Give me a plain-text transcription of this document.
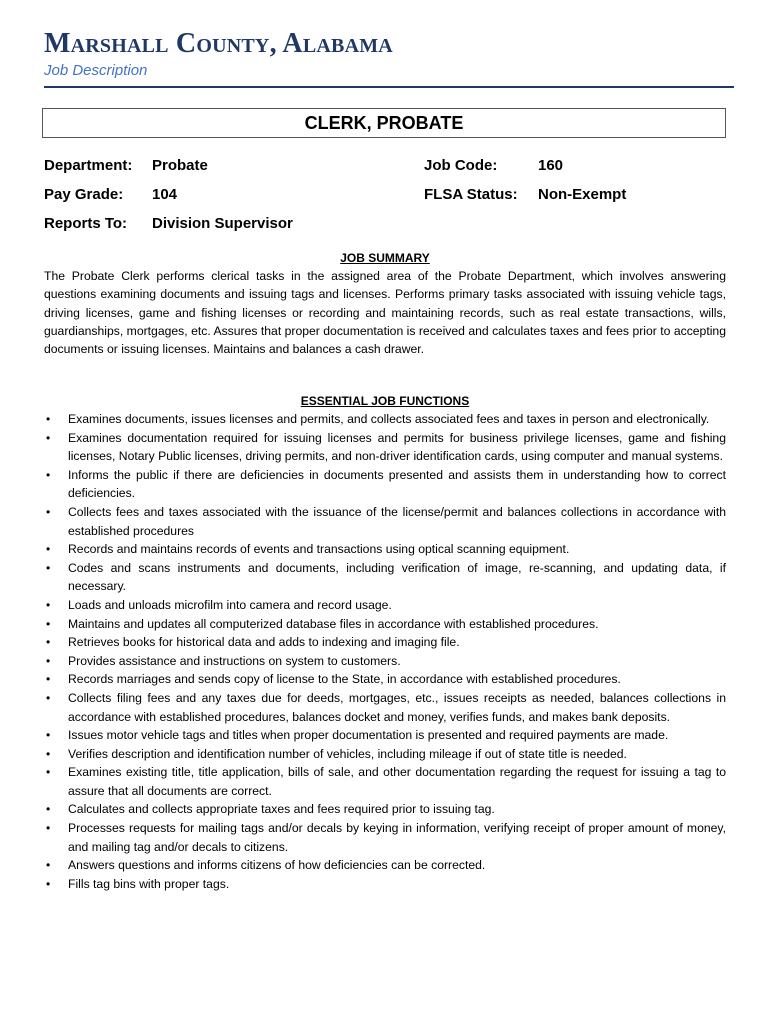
Marshall County, Alabama
Job Description
CLERK, PROBATE
Department: Probate	Job Code:	160
Pay Grade: 104	FLSA Status: Non-Exempt
Reports To: Division Supervisor
JOB SUMMARY
The Probate Clerk performs clerical tasks in the assigned area of the Probate Department, which involves answering questions examining documents and issuing tags and licenses. Performs primary tasks associated with issuing vehicle tags, driving licenses, game and fishing licenses or recording and maintaining records, such as real estate transactions, wills, guardianships, mortgages, etc. Assures that proper documentation is received and calculates taxes and fees prior to accepting documents or issuing licenses. Maintains and balances a cash drawer.
ESSENTIAL JOB FUNCTIONS
• Examines documents, issues licenses and permits, and collects associated fees and taxes in person and electronically.
• Examines documentation required for issuing licenses and permits for business privilege licenses, game and fishing licenses, Notary Public licenses, driving permits, and non-driver identification cards, using computer and manual systems.
• Informs the public if there are deficiencies in documents presented and assists them in understanding how to correct deficiencies.
• Collects fees and taxes associated with the issuance of the license/permit and balances collections in accordance with established procedures
• Records and maintains records of events and transactions using optical scanning equipment.
• Codes and scans instruments and documents, including verification of image, re-scanning, and updating data, if necessary.
• Loads and unloads microfilm into camera and record usage.
• Maintains and updates all computerized database files in accordance with established procedures.
• Retrieves books for historical data and adds to indexing and imaging file.
• Provides assistance and instructions on system to customers.
• Records marriages and sends copy of license to the State, in accordance with established procedures.
• Collects filing fees and any taxes due for deeds, mortgages, etc., issues receipts as needed, balances collections in accordance with established procedures, balances docket and money, verifies funds, and makes bank deposits.
• Issues motor vehicle tags and titles when proper documentation is presented and required payments are made.
• Verifies description and identification number of vehicles, including mileage if out of state title is needed.
• Examines existing title, title application, bills of sale, and other documentation regarding the request for issuing a tag to assure that all documents are correct.
• Calculates and collects appropriate taxes and fees required prior to issuing tag.
• Processes requests for mailing tags and/or decals by keying in information, verifying receipt of proper amount of money, and mailing tag and/or decals to citizens.
• Answers questions and informs citizens of how deficiencies can be corrected.
• Fills tag bins with proper tags.
